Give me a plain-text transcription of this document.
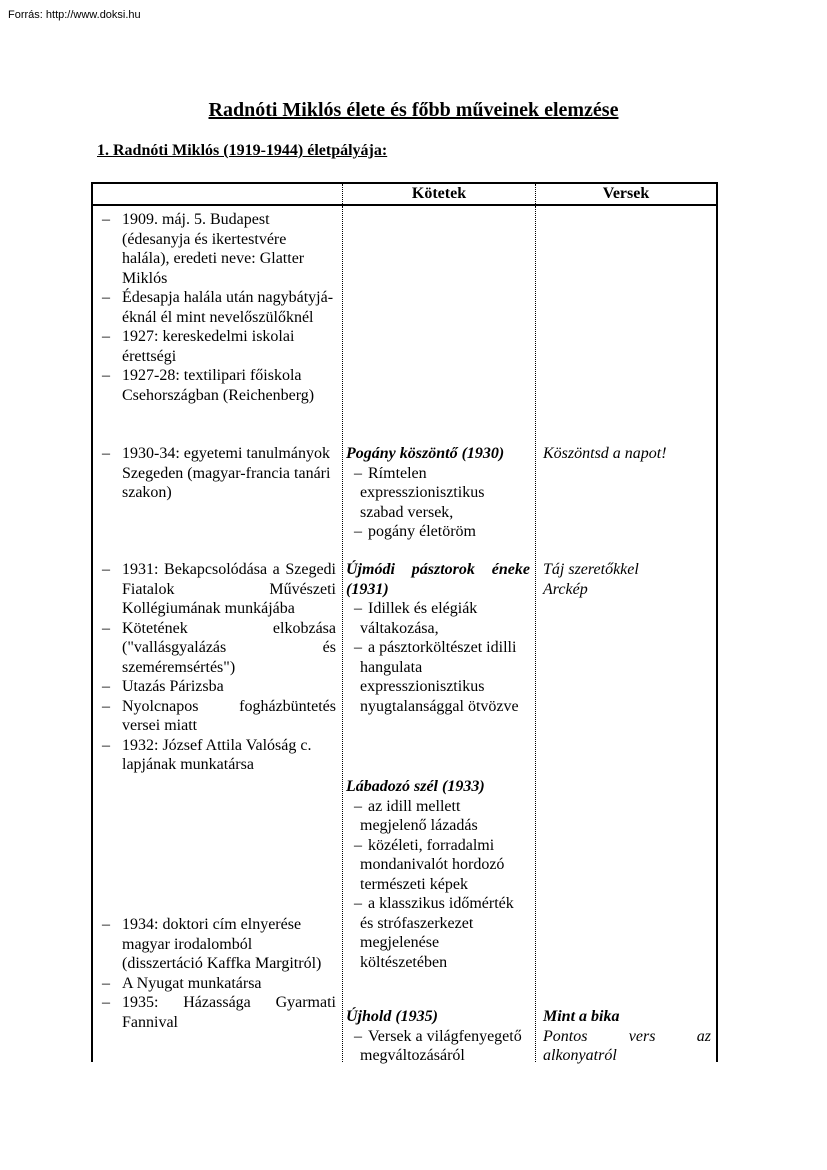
Forrás: http://www.doksi.hu
Radnóti Miklós élete és főbb műveinek elemzése
1. Radnóti Miklós (1919-1944) életpályája:
Kötetek	Versek
– 1909. máj. 5. Budapest (édesanyja és ikertestvére halála), eredeti neve: Glatter Miklós
– Édesapja halála után nagybátyjá-éknál él mint nevelőszülőknél
– 1927: kereskedelmi iskolai érettségi
– 1927-28: textilipari főiskola Csehországban (Reichenberg)
– 1930-34: egyetemi tanulmányok Szegeden (magyar-francia tanári szakon)
– 1931: Bekapcsolódása a Szegedi Fiatalok Művészeti Kollégiumának munkájába
– Kötetének elkobzása ("vallásgyalázás és szeméremsértés")
– Utazás Párizsba
– Nyolcnapos fogházbüntetés versei miatt
– 1932: József Attila Valóság c. lapjának munkatársa
– 1934: doktori cím elnyerése magyar irodalomból (disszertáció Kaffka Margitról)
– A Nyugat munkatársa
– 1935: Házassága Gyarmati Fannival
Pogány köszöntő (1930)
– Rímtelen expresszionisztikus szabad versek,
– pogány életöröm
Újmódi pásztorok éneke (1931)
– Idillek és elégiák váltakozása,
– a pásztorköltészet idilli hangulata expresszionisztikus nyugtalansággal ötvözve
Lábadozó szél (1933)
– az idill mellett megjelenő lázadás
– közéleti, forradalmi mondanivalót hordozó természeti képek
– a klasszikus időmérték és strófaszerkezet megjelenése költészetében
Újhold (1935)
– Versek a világfenyegető megváltozásáról
Köszöntsd a napot!
Táj szeretőkkel
Arckép
Mint a bika
Pontos vers az alkonyatról
